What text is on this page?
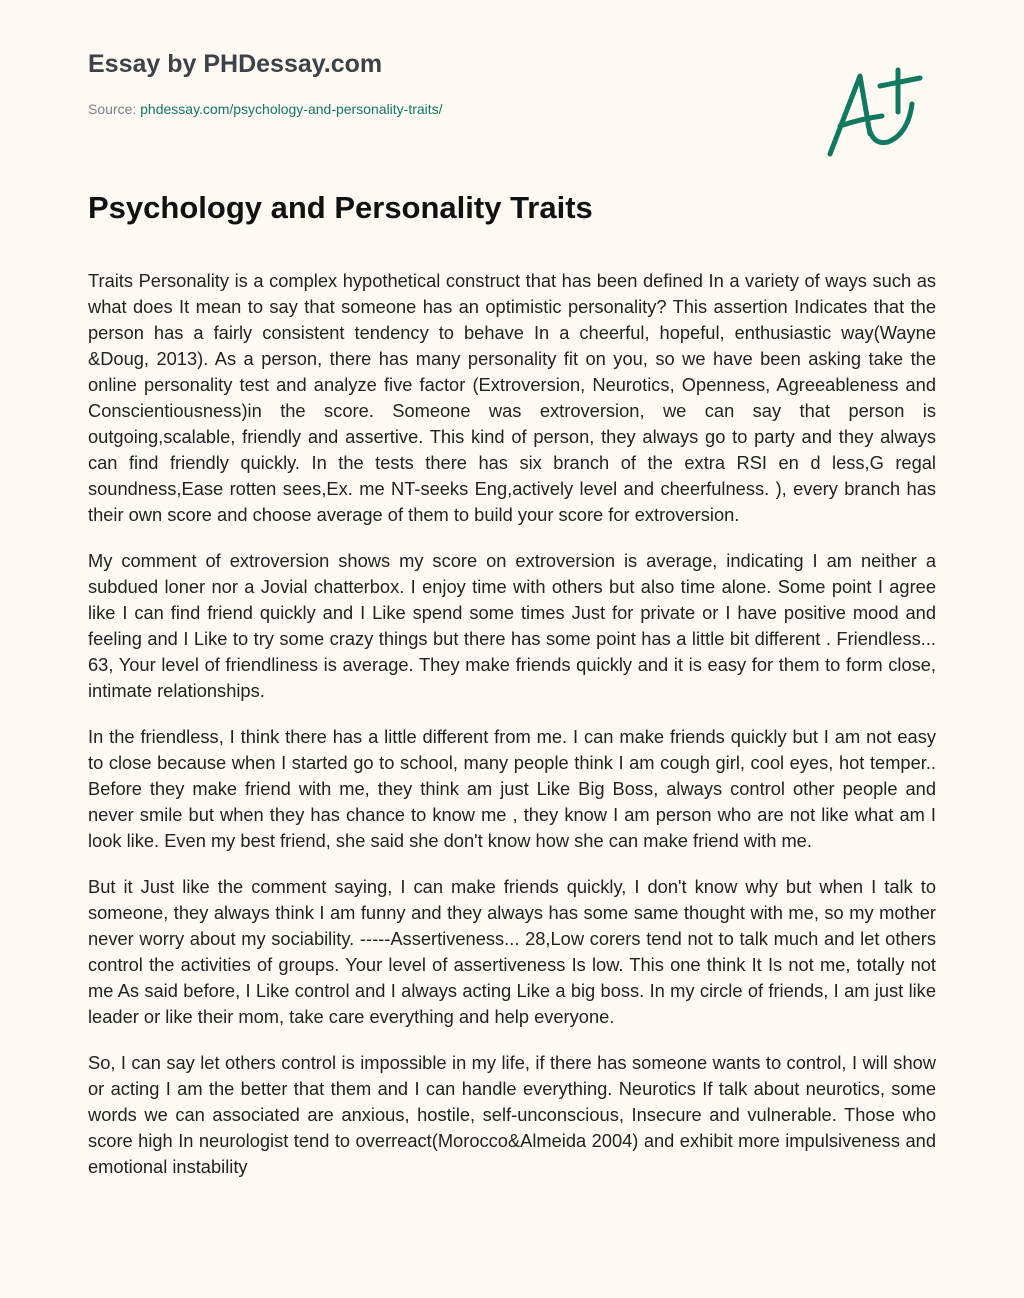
Essay by PHDessay.com
Source: phdessay.com/psychology-and-personality-traits/
Psychology and Personality Traits

Traits Personality is a complex hypothetical construct that has been defined In a variety of ways such as what does It mean to say that someone has an optimistic personality? This assertion Indicates that the person has a fairly consistent tendency to behave In a cheerful, hopeful, enthusiastic way(Wayne &Doug, 2013). As a person, there has many personality fit on you, so we have been asking take the online personality test and analyze five factor (Extroversion, Neurotics, Openness, Agreeableness and Conscientiousness)in the score. Someone was extroversion, we can say that person is outgoing,scalable, friendly and assertive. This kind of person, they always go to party and they always can find friendly quickly. In the tests there has six branch of the extra RSI en d less,G regal soundness,Ease rotten sees,Ex. me NT-seeks Eng,actively level and cheerfulness. ), every branch has their own score and choose average of them to build your score for extroversion.

My comment of extroversion shows my score on extroversion is average, indicating I am neither a subdued loner nor a Jovial chatterbox. I enjoy time with others but also time alone. Some point I agree like I can find friend quickly and I Like spend some times Just for private or I have positive mood and feeling and I Like to try some crazy things but there has some point has a little bit different . Friendless... 63, Your level of friendliness is average. They make friends quickly and it is easy for them to form close, intimate relationships.

In the friendless, I think there has a little different from me. I can make friends quickly but I am not easy to close because when I started go to school, many people think I am cough girl, cool eyes, hot temper.. Before they make friend with me, they think am just Like Big Boss, always control other people and never smile but when they has chance to know me , they know I am person who are not like what am I look like. Even my best friend, she said she don't know how she can make friend with me.

But it Just like the comment saying, I can make friends quickly, I don't know why but when I talk to someone, they always think I am funny and they always has some same thought with me, so my mother never worry about my sociability. -----Assertiveness... 28,Low corers tend not to talk much and let others control the activities of groups. Your level of assertiveness Is low. This one think It Is not me, totally not me As said before, I Like control and I always acting Like a big boss. In my circle of friends, I am just like leader or like their mom, take care everything and help everyone.

So, I can say let others control is impossible in my life, if there has someone wants to control, I will show or acting I am the better that them and I can handle everything. Neurotics If talk about neurotics, some words we can associated are anxious, hostile, self-unconscious, Insecure and vulnerable. Those who score high In neurologist tend to overreact(Morocco&Almeida 2004) and exhibit more impulsiveness and emotional instability
